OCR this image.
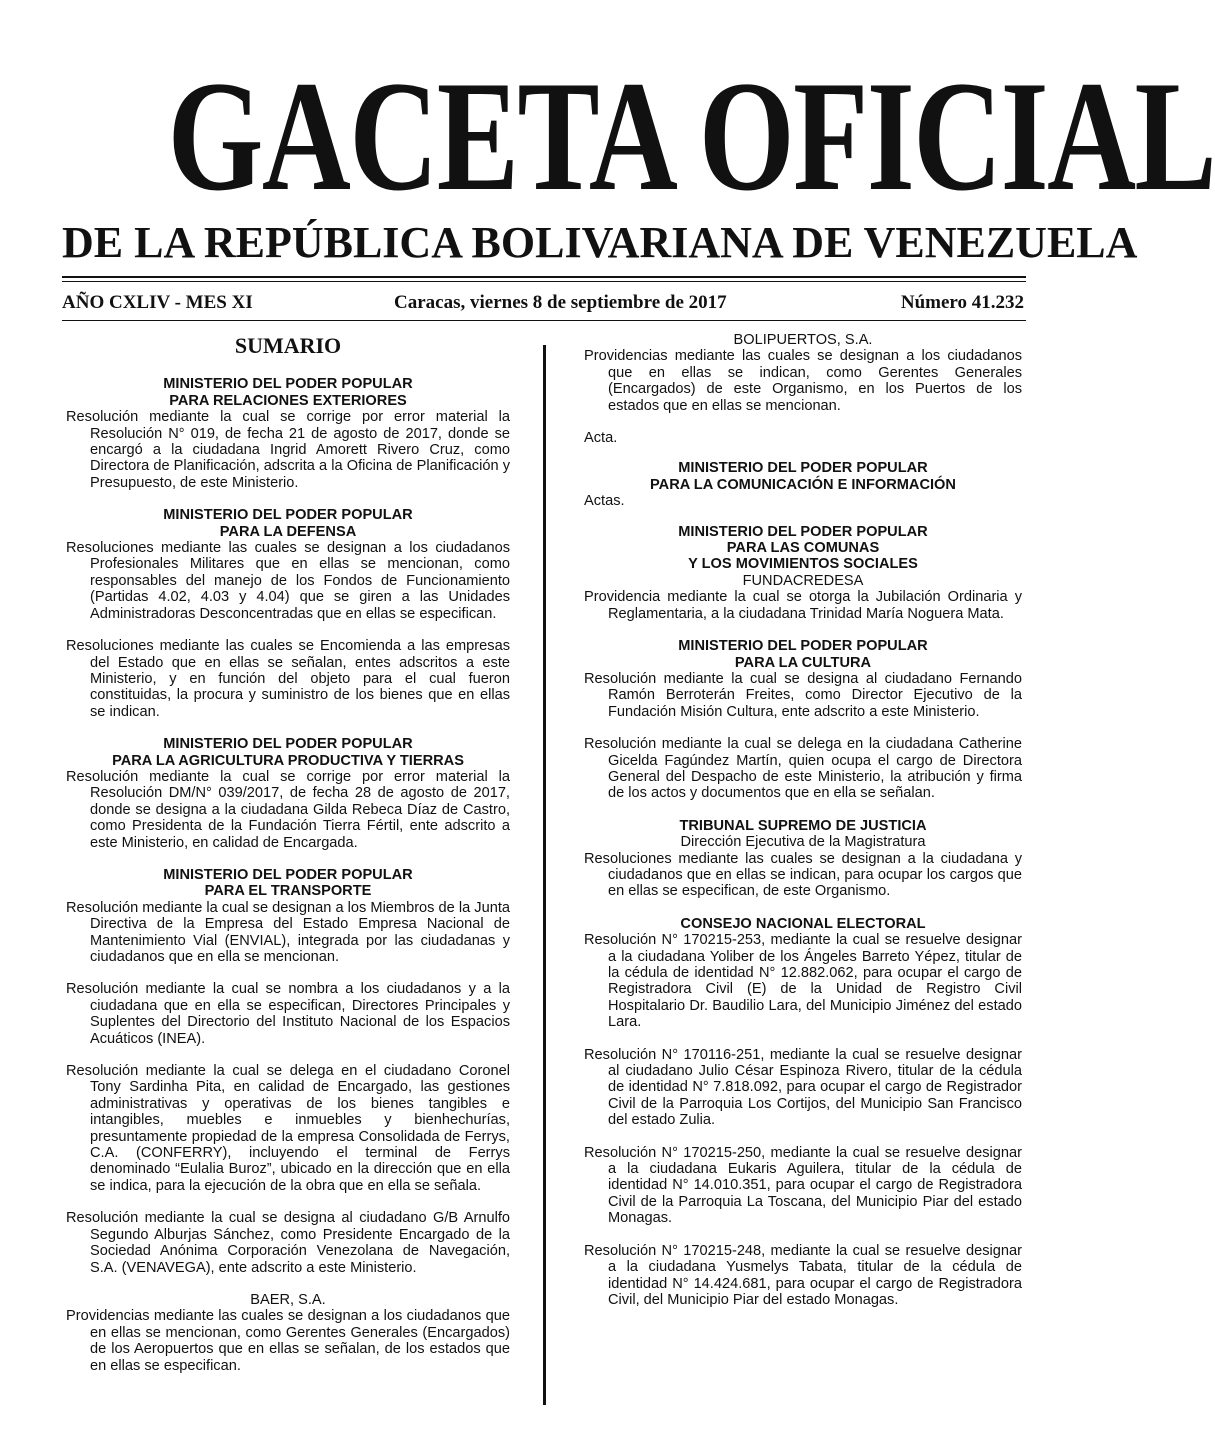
GACETA OFICIAL
DE LA REPÚBLICA BOLIVARIANA DE VENEZUELA
AÑO CXLIV - MES XI	Caracas, viernes 8 de septiembre de 2017	Número 41.232
SUMARIO
MINISTERIO DEL PODER POPULAR
PARA RELACIONES EXTERIORES

Resolución mediante la cual se corrige por error material la Resolución N° 019, de fecha 21 de agosto de 2017, donde se encargó a la ciudadana Ingrid Amorett Rivero Cruz, como Directora de Planificación, adscrita a la Oficina de Planificación y Presupuesto, de este Ministerio.

MINISTERIO DEL PODER POPULAR
PARA LA DEFENSA

Resoluciones mediante las cuales se designan a los ciudadanos Profesionales Militares que en ellas se mencionan, como responsables del manejo de los Fondos de Funcionamiento (Partidas 4.02, 4.03 y 4.04) que se giren a las Unidades Administradoras Desconcentradas que en ellas se especifican.

Resoluciones mediante las cuales se Encomienda a las empresas del Estado que en ellas se señalan, entes adscritos a este Ministerio, y en función del objeto para el cual fueron constituidas, la procura y suministro de los bienes que en ellas se indican.

MINISTERIO DEL PODER POPULAR
PARA LA AGRICULTURA PRODUCTIVA Y TIERRAS

Resolución mediante la cual se corrige por error material la Resolución DM/N° 039/2017, de fecha 28 de agosto de 2017, donde se designa a la ciudadana Gilda Rebeca Díaz de Castro, como Presidenta de la Fundación Tierra Fértil, ente adscrito a este Ministerio, en calidad de Encargada.

MINISTERIO DEL PODER POPULAR
PARA EL TRANSPORTE

Resolución mediante la cual se designan a los Miembros de la Junta Directiva de la Empresa del Estado Empresa Nacional de Mantenimiento Vial (ENVIAL), integrada por las ciudadanas y ciudadanos que en ella se mencionan.

Resolución mediante la cual se nombra a los ciudadanos y a la ciudadana que en ella se especifican, Directores Principales y Suplentes del Directorio del Instituto Nacional de los Espacios Acuáticos (INEA).

Resolución mediante la cual se delega en el ciudadano Coronel Tony Sardinha Pita, en calidad de Encargado, las gestiones administrativas y operativas de los bienes tangibles e intangibles, muebles e inmuebles y bienhechurías, presuntamente propiedad de la empresa Consolidada de Ferrys, C.A. (CONFERRY), incluyendo el terminal de Ferrys denominado “Eulalia Buroz”, ubicado en la dirección que en ella se indica, para la ejecución de la obra que en ella se señala.

Resolución mediante la cual se designa al ciudadano G/B Arnulfo Segundo Alburjas Sánchez, como Presidente Encargado de la Sociedad Anónima Corporación Venezolana de Navegación, S.A. (VENAVEGA), ente adscrito a este Ministerio.

BAER, S.A.

Providencias mediante las cuales se designan a los ciudadanos que en ellas se mencionan, como Gerentes Generales (Encargados) de los Aeropuertos que en ellas se señalan, de los estados que en ellas se especifican.

BOLIPUERTOS, S.A.

Providencias mediante las cuales se designan a los ciudadanos que en ellas se indican, como Gerentes Generales (Encargados) de este Organismo, en los Puertos de los estados que en ellas se mencionan.

Acta.

MINISTERIO DEL PODER POPULAR
PARA LA COMUNICACIÓN E INFORMACIÓN

Actas.

MINISTERIO DEL PODER POPULAR
PARA LAS COMUNAS
Y LOS MOVIMIENTOS SOCIALES
FUNDACREDESA

Providencia mediante la cual se otorga la Jubilación Ordinaria y Reglamentaria, a la ciudadana Trinidad María Noguera Mata.

MINISTERIO DEL PODER POPULAR
PARA LA CULTURA

Resolución mediante la cual se designa al ciudadano Fernando Ramón Berroterán Freites, como Director Ejecutivo de la Fundación Misión Cultura, ente adscrito a este Ministerio.

Resolución mediante la cual se delega en la ciudadana Catherine Gicelda Fagúndez Martín, quien ocupa el cargo de Directora General del Despacho de este Ministerio, la atribución y firma de los actos y documentos que en ella se señalan.

TRIBUNAL SUPREMO DE JUSTICIA
Dirección Ejecutiva de la Magistratura

Resoluciones mediante las cuales se designan a la ciudadana y ciudadanos que en ellas se indican, para ocupar los cargos que en ellas se especifican, de este Organismo.

CONSEJO NACIONAL ELECTORAL

Resolución N° 170215-253, mediante la cual se resuelve designar a la ciudadana Yoliber de los Ángeles Barreto Yépez, titular de la cédula de identidad N° 12.882.062, para ocupar el cargo de Registradora Civil (E) de la Unidad de Registro Civil Hospitalario Dr. Baudilio Lara, del Municipio Jiménez del estado Lara.

Resolución N° 170116-251, mediante la cual se resuelve designar al ciudadano Julio César Espinoza Rivero, titular de la cédula de identidad N° 7.818.092, para ocupar el cargo de Registrador Civil de la Parroquia Los Cortijos, del Municipio San Francisco del estado Zulia.

Resolución N° 170215-250, mediante la cual se resuelve designar a la ciudadana Eukaris Aguilera, titular de la cédula de identidad N° 14.010.351, para ocupar el cargo de Registradora Civil de la Parroquia La Toscana, del Municipio Piar del estado Monagas.

Resolución N° 170215-248, mediante la cual se resuelve designar a la ciudadana Yusmelys Tabata, titular de la cédula de identidad N° 14.424.681, para ocupar el cargo de Registradora Civil, del Municipio Piar del estado Monagas.
